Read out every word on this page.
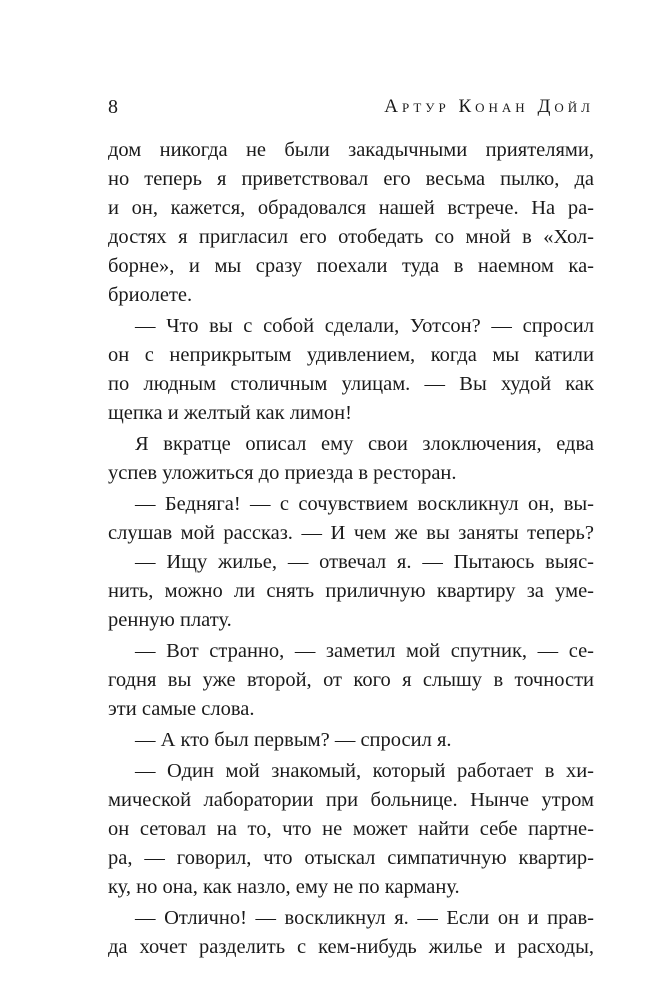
8	Артур Конан Дойл
дом никогда не были закадычными приятелями,
но теперь я приветствовал его весьма пылко, да
и он, кажется, обрадовался нашей встрече. На ра-
достях я пригласил его отобедать со мной в «Хол-
борне», и мы сразу поехали туда в наемном ка-
бриолете.
— Что вы с собой сделали, Уотсон? — спросил
он с неприкрытым удивлением, когда мы катили
по людным столичным улицам. — Вы худой как
щепка и желтый как лимон!
Я вкратце описал ему свои злоключения, едва
успев уложиться до приезда в ресторан.
— Бедняга! — с сочувствием воскликнул он, вы-
слушав мой рассказ. — И чем же вы заняты теперь?
— Ищу жилье, — отвечал я. — Пытаюсь выяс-
нить, можно ли снять приличную квартиру за уме-
ренную плату.
— Вот странно, — заметил мой спутник, — се-
годня вы уже второй, от кого я слышу в точности
эти самые слова.
— А кто был первым? — спросил я.
— Один мой знакомый, который работает в хи-
мической лаборатории при больнице. Нынче утром
он сетовал на то, что не может найти себе партне-
ра, — говорил, что отыскал симпатичную квартир-
ку, но она, как назло, ему не по карману.
— Отлично! — воскликнул я. — Если он и прав-
да хочет разделить с кем-нибудь жилье и расходы,
